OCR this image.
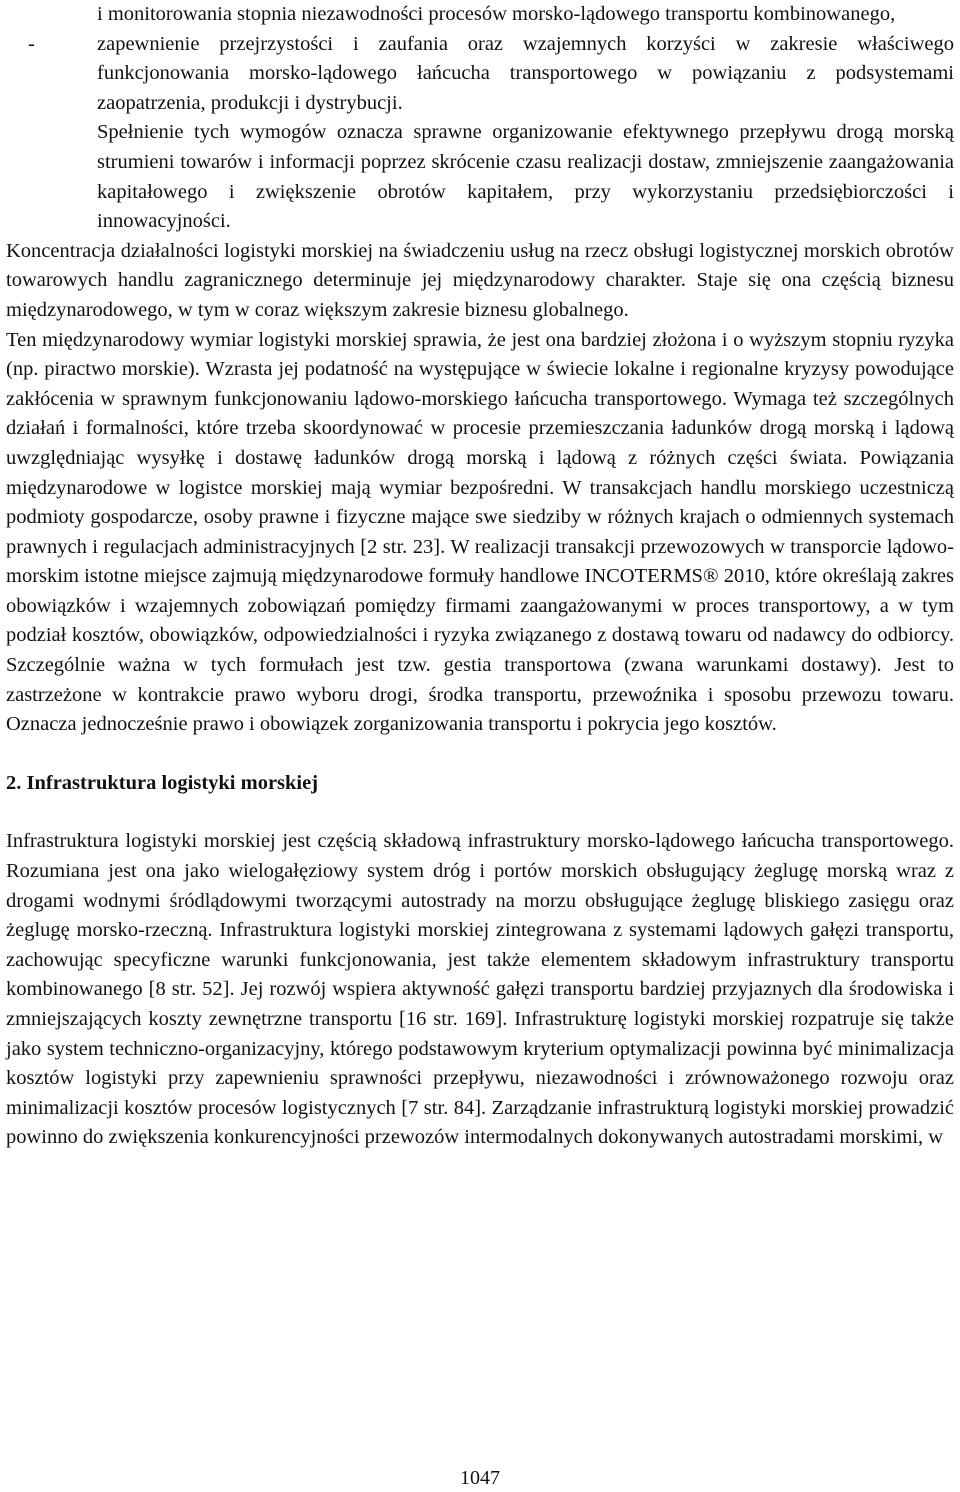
i monitorowania stopnia niezawodności procesów morsko-lądowego transportu kombinowanego,

-	zapewnienie przejrzystości i zaufania oraz wzajemnych korzyści w zakresie właściwego funkcjonowania morsko-lądowego łańcucha transportowego w powiązaniu z podsystemami zaopatrzenia, produkcji i dystrybucji.

Spełnienie tych wymogów oznacza sprawne organizowanie efektywnego przepływu drogą morską strumieni towarów i informacji poprzez skrócenie czasu realizacji dostaw, zmniejszenie zaangażowania kapitałowego i zwiększenie obrotów kapitałem, przy wykorzystaniu przedsiębiorczości i innowacyjności.

Koncentracja działalności logistyki morskiej na świadczeniu usług na rzecz obsługi logistycznej morskich obrotów towarowych handlu zagranicznego determinuje jej międzynarodowy charakter. Staje się ona częścią biznesu międzynarodowego, w tym w coraz większym zakresie biznesu globalnego.

Ten międzynarodowy wymiar logistyki morskiej sprawia, że jest ona bardziej złożona i o wyższym stopniu ryzyka (np. piractwo morskie). Wzrasta jej podatność na występujące w świecie lokalne i regionalne kryzysy powodujące zakłócenia w sprawnym funkcjonowaniu lądowo-morskiego łańcucha transportowego. Wymaga też szczególnych działań i formalności, które trzeba skoordynować w procesie przemieszczania ładunków drogą morską i lądową uwzględniając wysyłkę i dostawę ładunków drogą morską i lądową z różnych części świata. Powiązania międzynarodowe w logistce morskiej mają wymiar bezpośredni. W transakcjach handlu morskiego uczestniczą podmioty gospodarcze, osoby prawne i fizyczne mające swe siedziby w różnych krajach o odmiennych systemach prawnych i regulacjach administracyjnych [2 str. 23]. W realizacji transakcji przewozowych w transporcie lądowo-morskim istotne miejsce zajmują międzynarodowe formuły handlowe INCOTERMS® 2010, które określają zakres obowiązków i wzajemnych zobowiązań pomiędzy firmami zaangażowanymi w proces transportowy, a w tym podział kosztów, obowiązków, odpowiedzialności i ryzyka związanego z dostawą towaru od nadawcy do odbiorcy. Szczególnie ważna w tych formułach jest tzw. gestia transportowa (zwana warunkami dostawy). Jest to zastrzeżone w kontrakcie prawo wyboru drogi, środka transportu, przewoźnika i sposobu przewozu towaru. Oznacza jednocześnie prawo i obowiązek zorganizowania transportu i pokrycia jego kosztów.

2. Infrastruktura logistyki morskiej

Infrastruktura logistyki morskiej jest częścią składową infrastruktury morsko-lądowego łańcucha transportowego. Rozumiana jest ona jako wielogałęziowy system dróg i portów morskich obsługujący żeglugę morską wraz z drogami wodnymi śródlądowymi tworzącymi autostrady na morzu obsługujące żeglugę bliskiego zasięgu oraz żeglugę morsko-rzeczną. Infrastruktura logistyki morskiej zintegrowana z systemami lądowych gałęzi transportu, zachowując specyficzne warunki funkcjonowania, jest także elementem składowym infrastruktury transportu kombinowanego [8 str. 52]. Jej rozwój wspiera aktywność gałęzi transportu bardziej przyjaznych dla środowiska i zmniejszających koszty zewnętrzne transportu [16 str. 169]. Infrastrukturę logistyki morskiej rozpatruje się także jako system techniczno-organizacyjny, którego podstawowym kryterium optymalizacji powinna być minimalizacja kosztów logistyki przy zapewnieniu sprawności przepływu, niezawodności i zrównoważonego rozwoju oraz minimalizacji kosztów procesów logistycznych [7 str. 84]. Zarządzanie infrastrukturą logistyki morskiej prowadzić powinno do zwiększenia konkurencyjności przewozów intermodalnych dokonywanych autostradami morskimi, w

1047
